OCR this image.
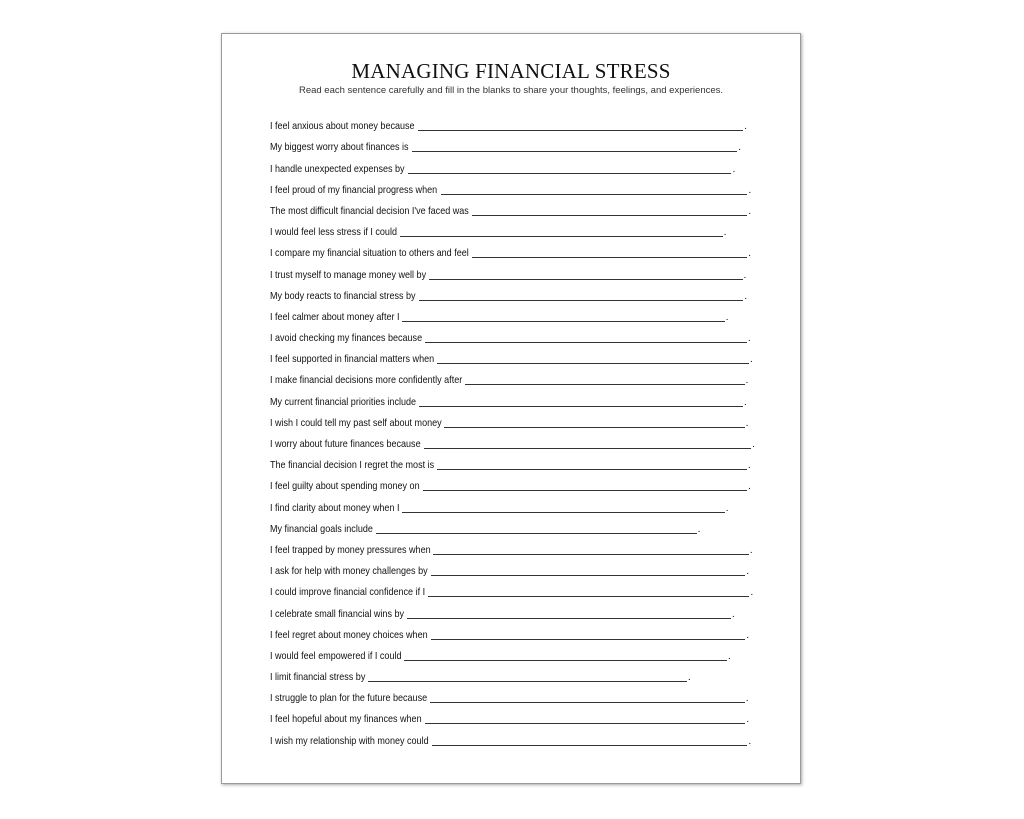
MANAGING FINANCIAL STRESS
Read each sentence carefully and fill in the blanks to share your thoughts, feelings, and experiences.
I feel anxious about money because	.
My biggest worry about finances is	.
I handle unexpected expenses by	.
I feel proud of my financial progress when	.
The most difficult financial decision I've faced was	.
I would feel less stress if I could	.
I compare my financial situation to others and feel	.
I trust myself to manage money well by	.
My body reacts to financial stress by	.
I feel calmer about money after I	.
I avoid checking my finances because	.
I feel supported in financial matters when	.
I make financial decisions more confidently after	.
My current financial priorities include	.
I wish I could tell my past self about money	.
I worry about future finances because	.
The financial decision I regret the most is	.
I feel guilty about spending money on	.
I find clarity about money when I	.
My financial goals include	.
I feel trapped by money pressures when	.
I ask for help with money challenges by	.
I could improve financial confidence if I	.
I celebrate small financial wins by	.
I feel regret about money choices when	.
I would feel empowered if I could	.
I limit financial stress by	.
I struggle to plan for the future because	.
I feel hopeful about my finances when	.
I wish my relationship with money could	.
